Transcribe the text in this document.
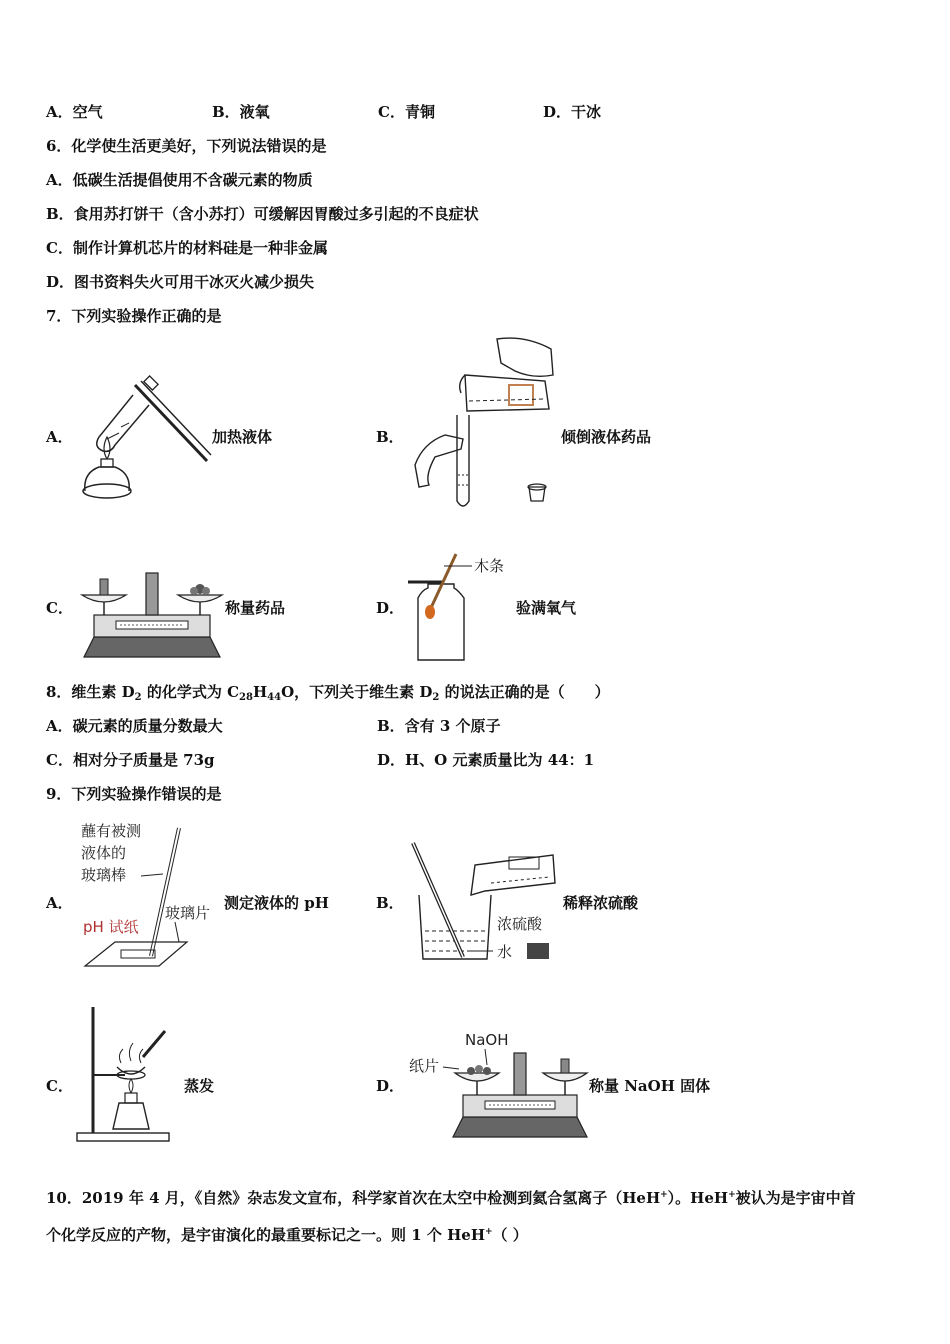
A．空气	B．液氧	C．青铜	D．干冰
6．化学使生活更美好，下列说法错误的是
A．低碳生活提倡使用不含碳元素的物质
B．食用苏打饼干（含小苏打）可缓解因胃酸过多引起的不良症状
C．制作计算机芯片的材料硅是一种非金属
D．图书资料失火可用干冰灭火减少损失
7．下列实验操作正确的是
A．	加热液体	B．	倾倒液体药品
C．	称量药品	D．
木条
验满氧气
8．维生素 $D_2$ 的化学式为 $C_{28}H_{44}O$，下列关于维生素 $D_2$ 的说法正确的是（　　）
A．碳元素的质量分数最大	B．含有 3 个原子
C．相对分子质量是 73g	D．H、O 元素质量比为 44：1
9．下列实验操作错误的是
A．
蘸有被测
液体的
玻璃棒
pH 试纸
玻璃片
测定液体的 pH	B．
浓硫酸
水
稀释浓硫酸
C．	蒸发	D．
NaOH
纸片
称量 NaOH 固体
10．2019 年 4 月，《自然》杂志发文宣布，科学家首次在太空中检测到氦合氢离子（HeH+）。HeH+被认为是宇宙中首
个化学反应的产物，是宇宙演化的最重要标记之一。则 1 个 HeH+（ ）
